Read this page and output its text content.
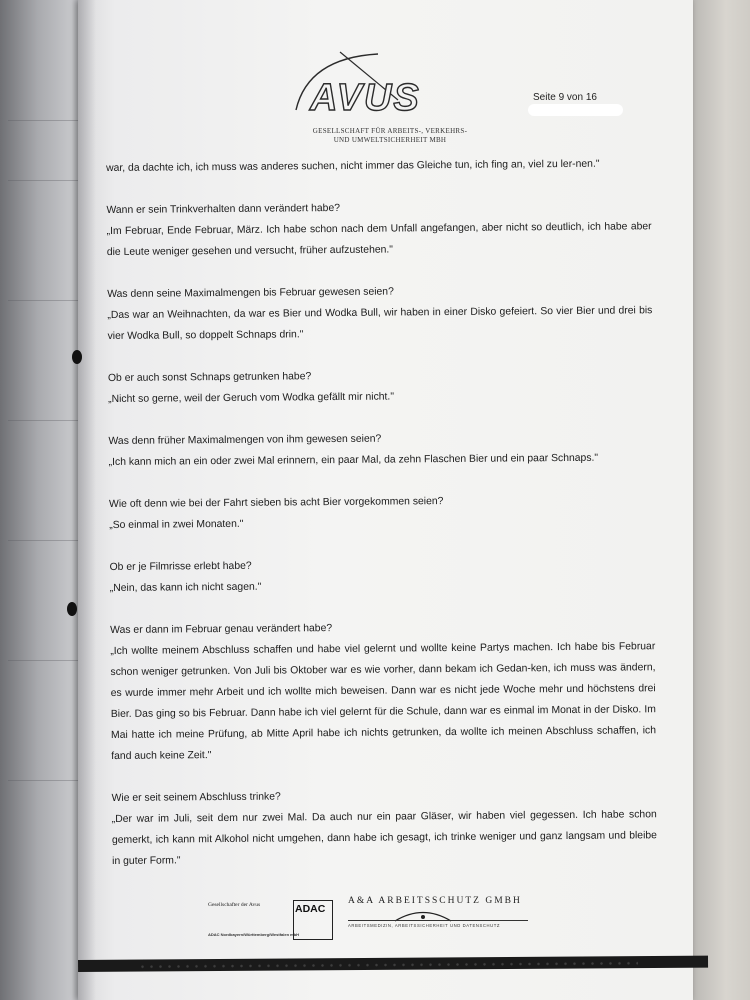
AVUS
GESELLSCHAFT FÜR ARBEITS-, VERKEHRS-
UND UMWELTSICHERHEIT MBH
Seite 9 von 16

war, da dachte ich, ich muss was anderes suchen, nicht immer das Gleiche tun, ich fing an, viel zu ler-nen."

Wann er sein Trinkverhalten dann verändert habe?
„Im Februar, Ende Februar, März. Ich habe schon nach dem Unfall angefangen, aber nicht so deutlich, ich habe aber die Leute weniger gesehen und versucht, früher aufzustehen."

Was denn seine Maximalmengen bis Februar gewesen seien?
„Das war an Weihnachten, da war es Bier und Wodka Bull, wir haben in einer Disko gefeiert. So vier Bier und drei bis vier Wodka Bull, so doppelt Schnaps drin."

Ob er auch sonst Schnaps getrunken habe?
„Nicht so gerne, weil der Geruch vom Wodka gefällt mir nicht."

Was denn früher Maximalmengen von ihm gewesen seien?
„Ich kann mich an ein oder zwei Mal erinnern, ein paar Mal, da zehn Flaschen Bier und ein paar Schnaps."

Wie oft denn wie bei der Fahrt sieben bis acht Bier vorgekommen seien?
„So einmal in zwei Monaten."

Ob er je Filmrisse erlebt habe?
„Nein, das kann ich nicht sagen."

Was er dann im Februar genau verändert habe?
„Ich wollte meinem Abschluss schaffen und habe viel gelernt und wollte keine Partys machen. Ich habe bis Februar schon weniger getrunken. Von Juli bis Oktober war es wie vorher, dann bekam ich Gedan-ken, ich muss was ändern, es wurde immer mehr Arbeit und ich wollte mich beweisen. Dann war es nicht jede Woche mehr und höchstens drei Bier. Das ging so bis Februar. Dann habe ich viel gelernt für die Schule, dann war es einmal im Monat in der Disko. Im Mai hatte ich meine Prüfung, ab Mitte April habe ich nichts getrunken, da wollte ich meinen Abschluss schaffen, ich fand auch keine Zeit."

Wie er seit seinem Abschluss trinke?
„Der war im Juli, seit dem nur zwei Mal. Da auch nur ein paar Gläser, wir haben viel gegessen. Ich habe schon gemerkt, ich kann mit Alkohol nicht umgehen, dann habe ich gesagt, ich trinke weniger und ganz langsam und bleibe in guter Form."

Gesellschafter der Avus
ADAC Nordbayern/Württemberg/Westfalen mbH
ADAC
A&A ARBEITSSCHUTZ GMBH
ARBEITSMEDIZIN, ARBEITSSICHERHEIT UND DATENSCHUTZ
